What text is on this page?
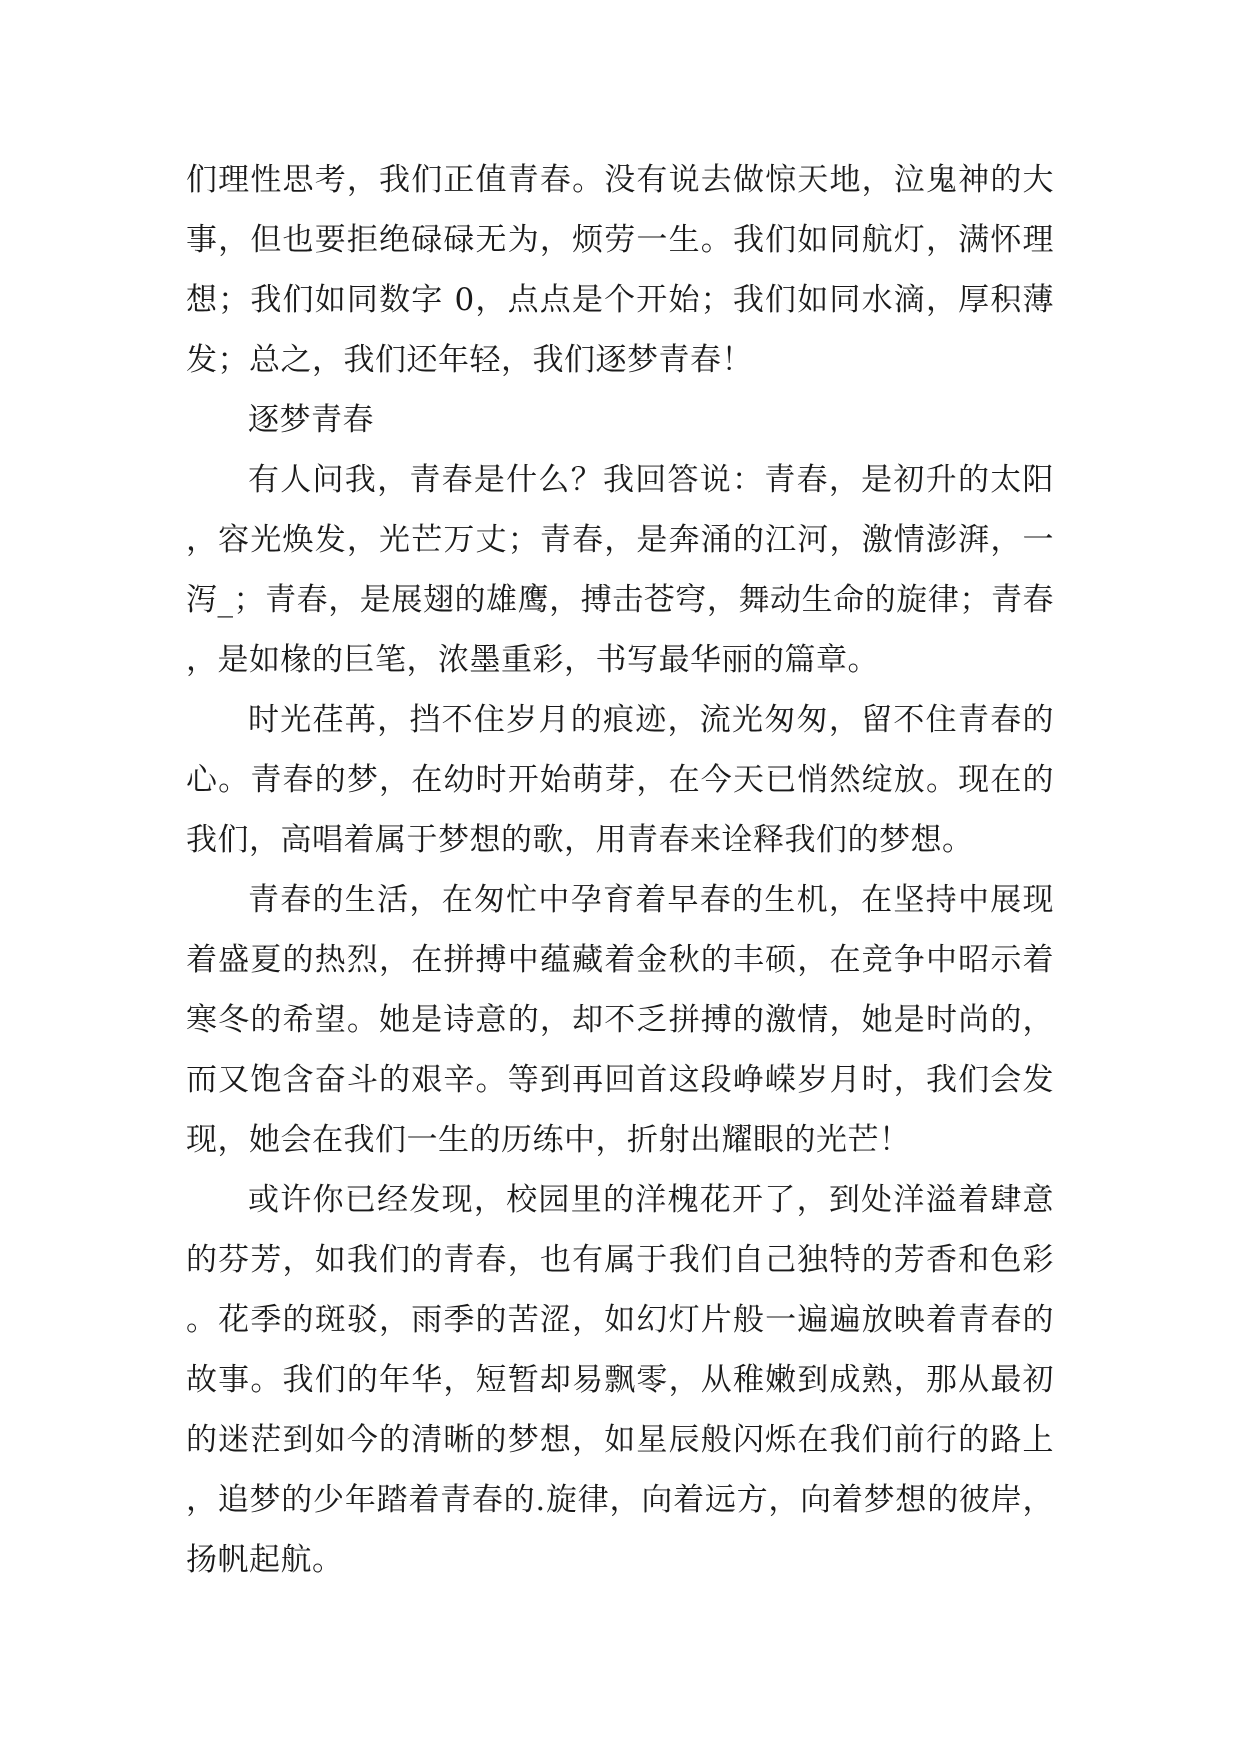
们理性思考，我们正值青春。没有说去做惊天地，泣鬼神的大事，但也要拒绝碌碌无为，烦劳一生。我们如同航灯，满怀理想；我们如同数字 0，点点是个开始；我们如同水滴，厚积薄发；总之，我们还年轻，我们逐梦青春！

逐梦青春

有人问我，青春是什么？我回答说：青春，是初升的太阳，容光焕发，光芒万丈；青春，是奔涌的江河，激情澎湃，一泻_；青春，是展翅的雄鹰，搏击苍穹，舞动生命的旋律；青春，是如椽的巨笔，浓墨重彩，书写最华丽的篇章。

时光荏苒，挡不住岁月的痕迹，流光匆匆，留不住青春的心。青春的梦，在幼时开始萌芽，在今天已悄然绽放。现在的我们，高唱着属于梦想的歌，用青春来诠释我们的梦想。

青春的生活，在匆忙中孕育着早春的生机，在坚持中展现着盛夏的热烈，在拼搏中蕴藏着金秋的丰硕，在竞争中昭示着寒冬的希望。她是诗意的，却不乏拼搏的激情，她是时尚的，而又饱含奋斗的艰辛。等到再回首这段峥嵘岁月时，我们会发现，她会在我们一生的历练中，折射出耀眼的光芒！

或许你已经发现，校园里的洋槐花开了，到处洋溢着肆意的芬芳，如我们的青春，也有属于我们自己独特的芳香和色彩。花季的斑驳，雨季的苦涩，如幻灯片般一遍遍放映着青春的故事。我们的年华，短暂却易飘零，从稚嫩到成熟，那从最初的迷茫到如今的清晰的梦想，如星辰般闪烁在我们前行的路上，追梦的少年踏着青春的.旋律，向着远方，向着梦想的彼岸，扬帆起航。
